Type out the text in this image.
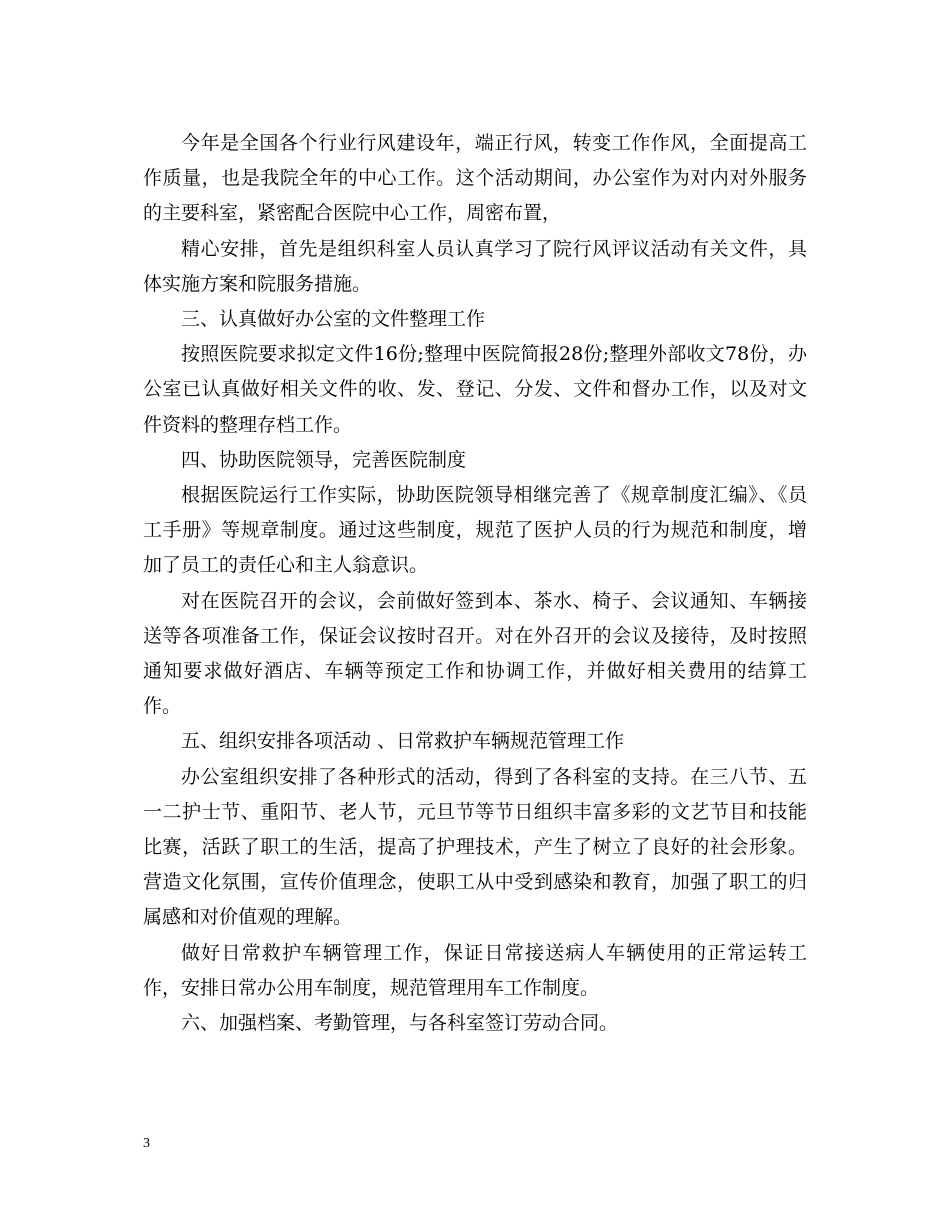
今年是全国各个行业行风建设年，端正行风，转变工作作风，全面提高工作质量，也是我院全年的中心工作。这个活动期间，办公室作为对内对外服务的主要科室，紧密配合医院中心工作，周密布置，

精心安排，首先是组织科室人员认真学习了院行风评议活动有关文件，具体实施方案和院服务措施。

三、认真做好办公室的文件整理工作

按照医院要求拟定文件16份;整理中医院简报28份;整理外部收文78份，办公室已认真做好相关文件的收、发、登记、分发、文件和督办工作，以及对文件资料的整理存档工作。

四、协助医院领导，完善医院制度

根据医院运行工作实际，协助医院领导相继完善了《规章制度汇编》、《员工手册》等规章制度。通过这些制度，规范了医护人员的行为规范和制度，增加了员工的责任心和主人翁意识。

对在医院召开的会议，会前做好签到本、茶水、椅子、会议通知、车辆接送等各项准备工作，保证会议按时召开。对在外召开的会议及接待，及时按照通知要求做好酒店、车辆等预定工作和协调工作，并做好相关费用的结算工作。

五、组织安排各项活动 、日常救护车辆规范管理工作

办公室组织安排了各种形式的活动，得到了各科室的支持。在三八节、五一二护士节、重阳节、老人节，元旦节等节日组织丰富多彩的文艺节目和技能比赛，活跃了职工的生活，提高了护理技术，产生了树立了良好的社会形象。营造文化氛围，宣传价值理念，使职工从中受到感染和教育，加强了职工的归属感和对价值观的理解。

做好日常救护车辆管理工作，保证日常接送病人车辆使用的正常运转工作，安排日常办公用车制度，规范管理用车工作制度。

六、加强档案、考勤管理，与各科室签订劳动合同。

3
